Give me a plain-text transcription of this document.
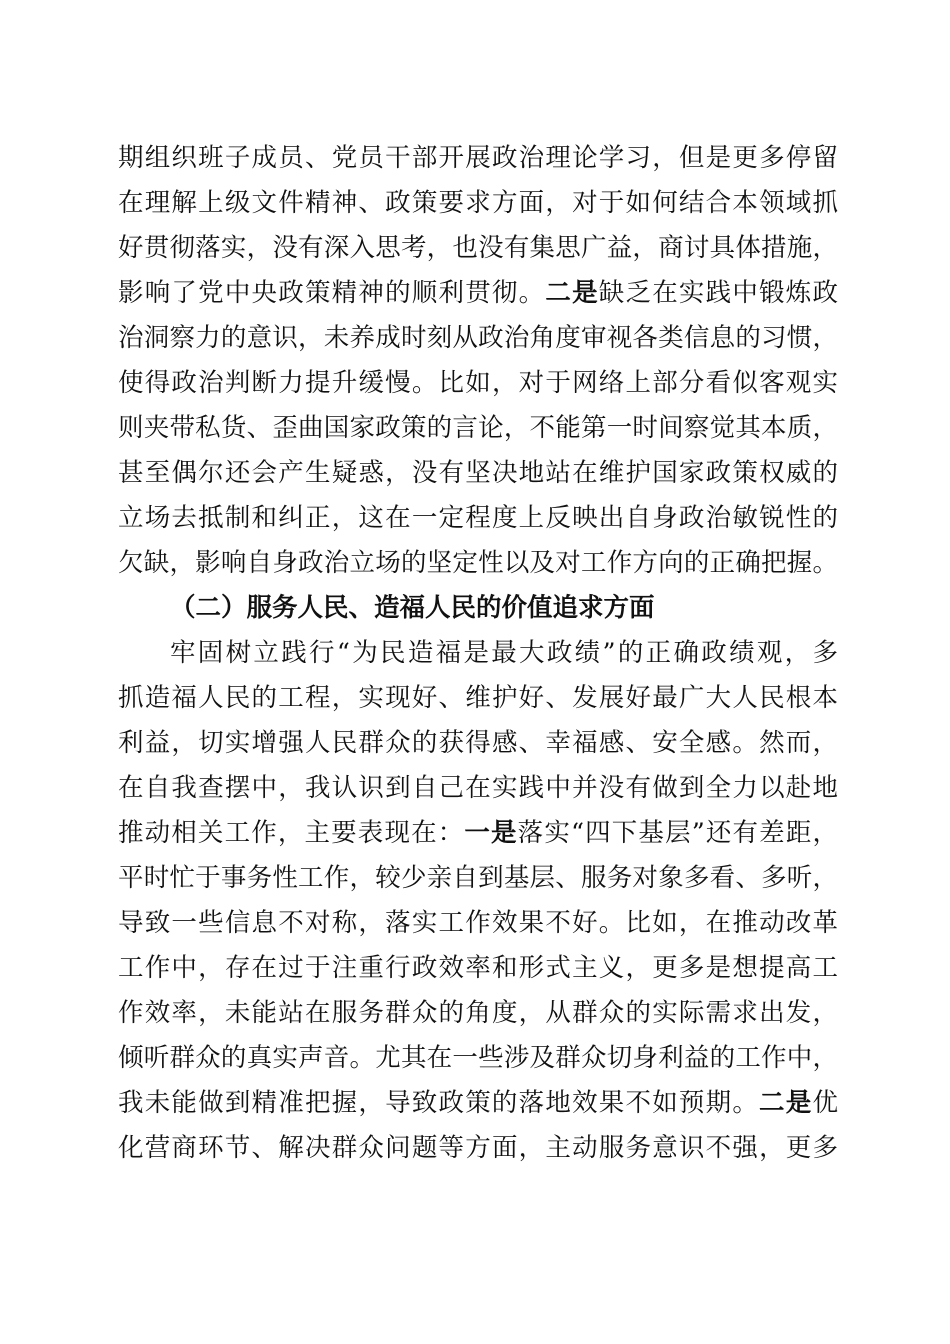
期组织班子成员、党员干部开展政治理论学习，但是更多停留
在理解上级文件精神、政策要求方面，对于如何结合本领域抓
好贯彻落实，没有深入思考，也没有集思广益，商讨具体措施，
影响了党中央政策精神的顺利贯彻。二是缺乏在实践中锻炼政
治洞察力的意识，未养成时刻从政治角度审视各类信息的习惯，
使得政治判断力提升缓慢。比如，对于网络上部分看似客观实
则夹带私货、歪曲国家政策的言论，不能第一时间察觉其本质，
甚至偶尔还会产生疑惑，没有坚决地站在维护国家政策权威的
立场去抵制和纠正，这在一定程度上反映出自身政治敏锐性的
欠缺，影响自身政治立场的坚定性以及对工作方向的正确把握。
（二）服务人民、造福人民的价值追求方面
牢固树立践行“为民造福是最大政绩”的正确政绩观，多
抓造福人民的工程，实现好、维护好、发展好最广大人民根本
利益，切实增强人民群众的获得感、幸福感、安全感。然而，
在自我查摆中，我认识到自己在实践中并没有做到全力以赴地
推动相关工作，主要表现在：一是落实“四下基层”还有差距，
平时忙于事务性工作，较少亲自到基层、服务对象多看、多听，
导致一些信息不对称，落实工作效果不好。比如，在推动改革
工作中，存在过于注重行政效率和形式主义，更多是想提高工
作效率，未能站在服务群众的角度，从群众的实际需求出发，
倾听群众的真实声音。尤其在一些涉及群众切身利益的工作中，
我未能做到精准把握，导致政策的落地效果不如预期。二是优
化营商环节、解决群众问题等方面，主动服务意识不强，更多
